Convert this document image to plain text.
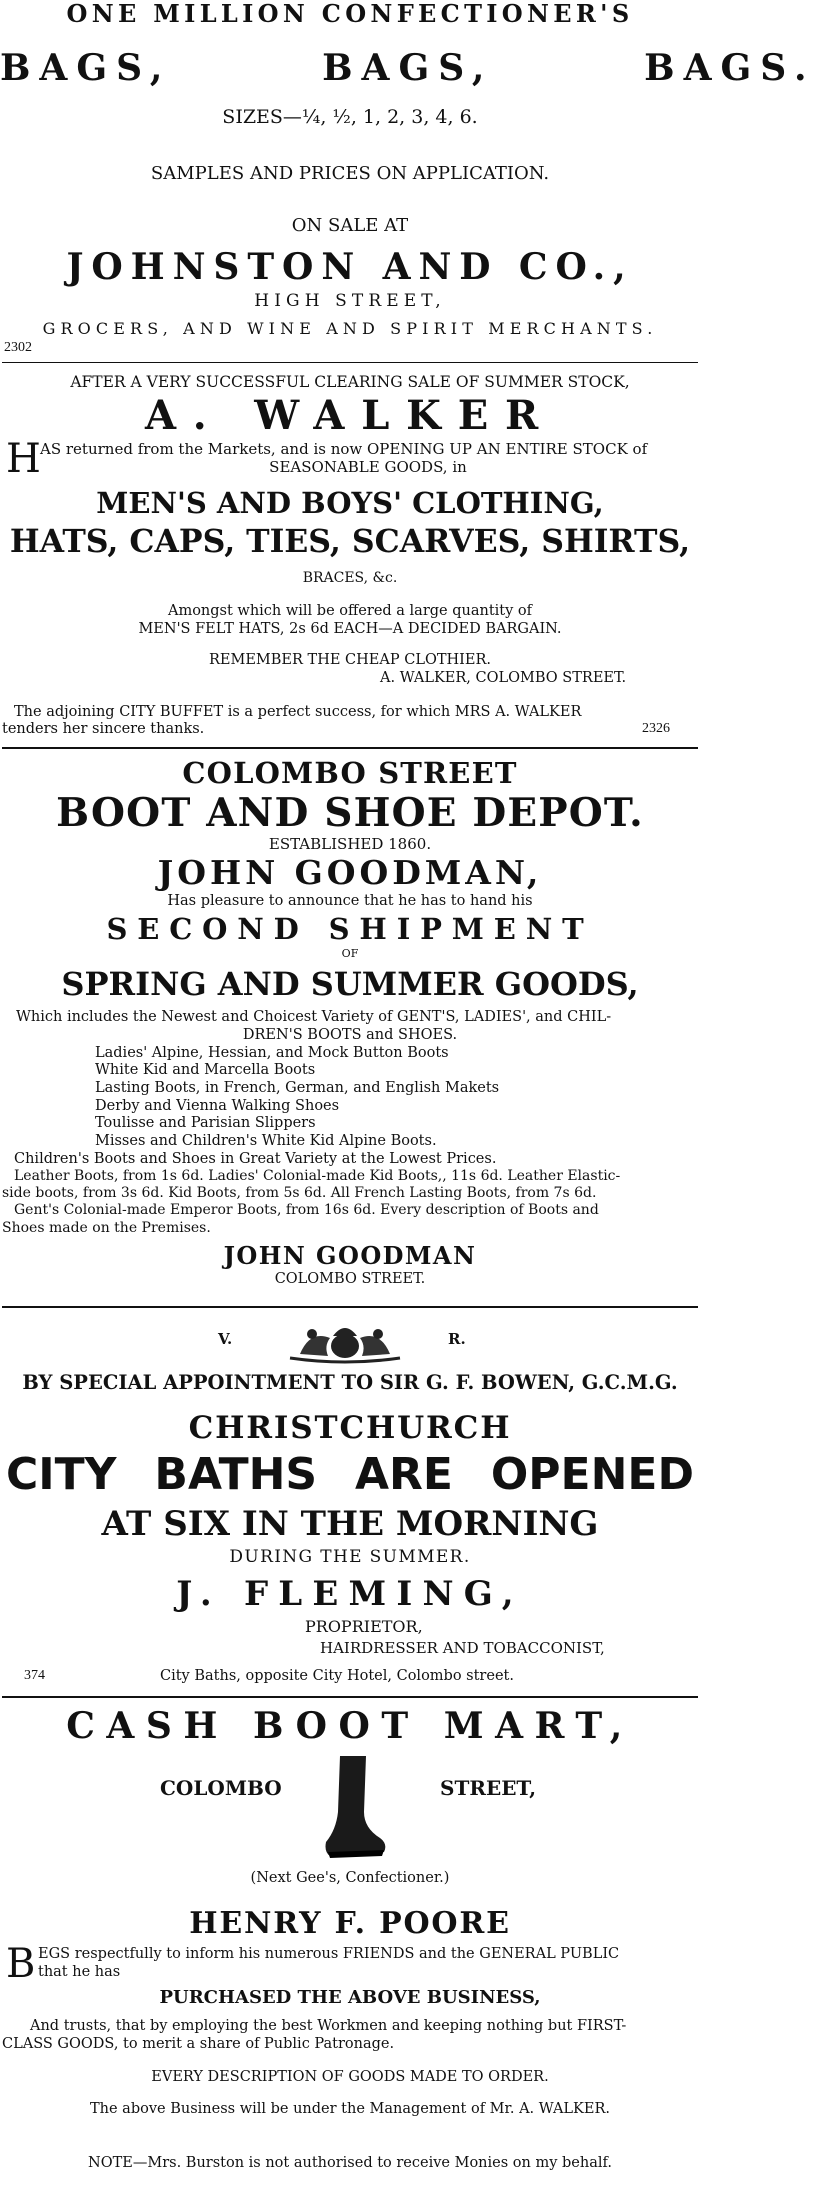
ONE MILLION CONFECTIONER'S
BAGS,       BAGS,       BAGS.
SIZES—¼, ½, 1, 2, 3, 4, 6.
SAMPLES AND PRICES ON APPLICATION.
ON SALE AT
JOHNSTON AND CO.,
HIGH STREET,
GROCERS, AND WINE AND SPIRIT MERCHANTS.
2302
AFTER A VERY SUCCESSFUL CLEARING SALE OF SUMMER STOCK,
A. WALKER
H AS returned from the Markets, and is now OPENING UP AN ENTIRE STOCK of
SEASONABLE GOODS, in
MEN'S AND BOYS' CLOTHING,
HATS, CAPS, TIES, SCARVES, SHIRTS,
BRACES, &c.
Amongst which will be offered a large quantity of
MEN'S FELT HATS, 2s 6d EACH—A DECIDED BARGAIN.
REMEMBER THE CHEAP CLOTHIER.
A. WALKER, COLOMBO STREET.
The adjoining CITY BUFFET is a perfect success, for which MRS A. WALKER
tenders her sincere thanks.	2326
COLOMBO STREET
BOOT AND SHOE DEPOT.
ESTABLISHED 1860.
JOHN GOODMAN,
Has pleasure to announce that he has to hand his
SECOND SHIPMENT
OF
SPRING AND SUMMER GOODS,
Which includes the Newest and Choicest Variety of GENT'S, LADIES', and CHIL-
DREN'S BOOTS and SHOES.
Ladies' Alpine, Hessian, and Mock Button Boots
White Kid and Marcella Boots
Lasting Boots, in French, German, and English Makets
Derby and Vienna Walking Shoes
Toulisse and Parisian Slippers
Misses and Children's White Kid Alpine Boots.
Children's Boots and Shoes in Great Variety at the Lowest Prices.
Leather Boots, from 1s 6d. Ladies' Colonial-made Kid Boots,, 11s 6d. Leather Elastic-
side boots, from 3s 6d. Kid Boots, from 5s 6d. All French Lasting Boots, from 7s 6d.
Gent's Colonial-made Emperor Boots, from 16s 6d. Every description of Boots and
Shoes made on the Premises.
JOHN GOODMAN
COLOMBO STREET.
V.	R.
BY SPECIAL APPOINTMENT TO SIR G. F. BOWEN, G.C.M.G.
CHRISTCHURCH
CITY BATHS ARE OPENED
AT SIX IN THE MORNING
DURING THE SUMMER.
J. FLEMING,
PROPRIETOR,
HAIRDRESSER AND TOBACCONIST,
374	City Baths, opposite City Hotel, Colombo street.
CASH BOOT MART,
COLOMBO	STREET,
(Next Gee's, Confectioner.)
HENRY F. POORE
B EGS respectfully to inform his numerous FRIENDS and the GENERAL PUBLIC
that he has
PURCHASED THE ABOVE BUSINESS,
And trusts, that by employing the best Workmen and keeping nothing but FIRST-
CLASS GOODS, to merit a share of Public Patronage.
EVERY DESCRIPTION OF GOODS MADE TO ORDER.
The above Business will be under the Management of Mr. A. WALKER.
NOTE—Mrs. Burston is not authorised to receive Monies on my behalf.
